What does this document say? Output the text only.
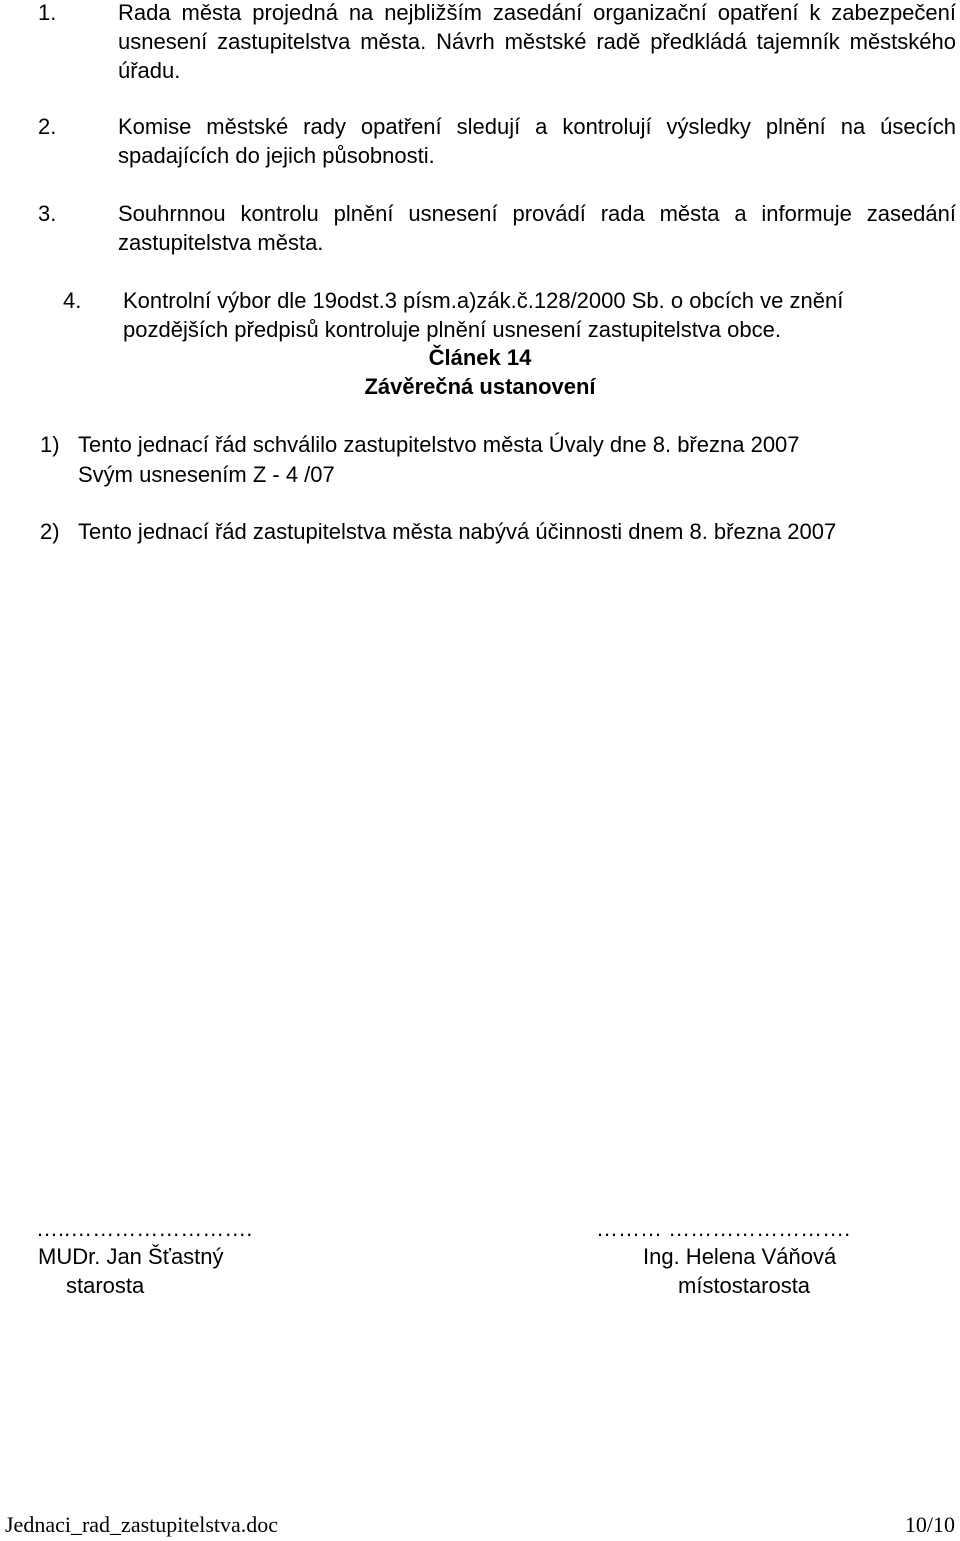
1.	Rada města projedná na nejbližším zasedání organizační opatření k zabezpečení usnesení zastupitelstva města. Návrh městské radě předkládá tajemník městského úřadu.
2.	Komise městské rady opatření sledují a kontrolují výsledky plnění na úsecích spadajících do jejich působnosti.
3.	Souhrnnou kontrolu plnění usnesení provádí rada města a informuje zasedání zastupitelstva města.
4. Kontrolní výbor dle 19odst.3 písm.a)zák.č.128/2000 Sb. o obcích ve znění pozdějších předpisů kontroluje plnění usnesení zastupitelstva obce.
Článek 14
Závěrečná ustanovení
1) Tento jednací řád schválilo zastupitelstvo města Úvaly dne 8. března 2007
Svým usnesením Z - 4 /07
2) Tento jednací řád zastupitelstva města nabývá účinnosti dnem 8. března 2007
…..…………………….
MUDr. Jan Šťastný
starosta
……… …………………….
Ing. Helena Váňová
místostarosta
Jednaci_rad_zastupitelstva.doc	10/10
